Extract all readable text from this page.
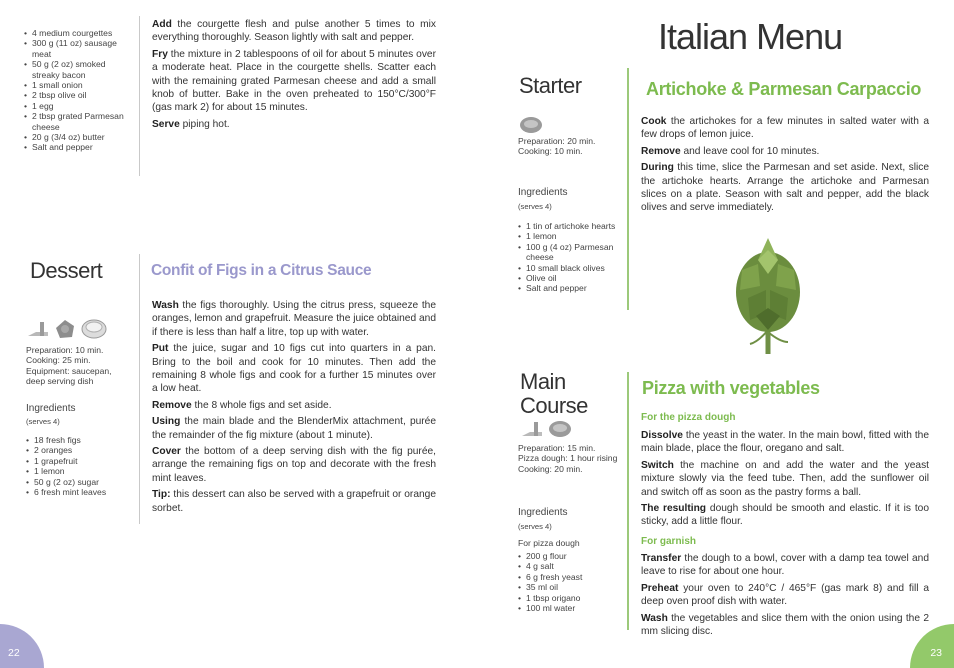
• 4 medium courgettes
• 300 g (11 oz) sausage meat
• 50 g (2 oz) smoked streaky bacon
• 1 small onion
• 2 tbsp olive oil
• 1 egg
• 2 tbsp grated Parmesan cheese
• 20 g (3/4 oz) butter
• Salt and pepper

Add the courgette flesh and pulse another 5 times to mix everything thoroughly. Season lightly with salt and pepper.

Fry the mixture in 2 tablespoons of oil for about 5 minutes over a moderate heat. Place in the courgette shells. Scatter each with the remaining grated Parmesan cheese and add a small knob of butter. Bake in the oven preheated to 150°C/300°F (gas mark 2) for about 15 minutes.

Serve piping hot.

Dessert
Preparation: 10 min.
Cooking: 25 min.
Equipment: saucepan, deep serving dish
Ingredients
(serves 4)
• 18 fresh figs
• 2 oranges
• 1 grapefruit
• 1 lemon
• 50 g (2 oz) sugar
• 6 fresh mint leaves
Confit of Figs in a Citrus Sauce

Wash the figs thoroughly. Using the citrus press, squeeze the oranges, lemon and grapefruit. Measure the juice obtained and if there is less than half a litre, top up with water.

Put the juice, sugar and 10 figs cut into quarters in a pan. Bring to the boil and cook for 10 minutes. Then add the remaining 8 whole figs and cook for a further 15 minutes over a low heat.

Remove the 8 whole figs and set aside.

Using the main blade and the BlenderMix attachment, purée the remainder of the fig mixture (about 1 minute).

Cover the bottom of a deep serving dish with the fig purée, arrange the remaining figs on top and decorate with the fresh mint leaves.

Tip: this dessert can also be served with a grapefruit or orange sorbet.

22
Italian Menu
Starter
Preparation: 20 min.
Cooking: 10 min.
Ingredients
(serves 4)
• 1 tin of artichoke hearts
• 1 lemon
• 100 g (4 oz) Parmesan cheese
• 10 small black olives
• Olive oil
• Salt and pepper
Artichoke & Parmesan Carpaccio

Cook the artichokes for a few minutes in salted water with a few drops of lemon juice.

Remove and leave cool for 10 minutes.

During this time, slice the Parmesan and set aside. Next, slice the artichoke hearts. Arrange the artichoke and Parmesan slices on a plate. Season with salt and pepper, add the black olives and serve immediately.

Main
Course
Preparation: 15 min.
Pizza dough: 1 hour rising
Cooking: 20 min.
Ingredients
(serves 4)
For pizza dough
• 200 g flour
• 4 g salt
• 6 g fresh yeast
• 35 ml oil
• 1 tbsp origano
• 100 ml water
Pizza with vegetables
For the pizza dough

Dissolve the yeast in the water. In the main bowl, fitted with the main blade, place the flour, oregano and salt.

Switch the machine on and add the water and the yeast mixture slowly via the feed tube. Then, add the sunflower oil and switch off as soon as the pastry forms a ball.

The resulting dough should be smooth and elastic. If it is too sticky, add a little flour.

For garnish

Transfer the dough to a bowl, cover with a damp tea towel and leave to rise for about one hour.

Preheat your oven to 240°C / 465°F (gas mark 8) and fill a deep oven proof dish with water.

Wash the vegetables and slice them with the onion using the 2 mm slicing disc.

23
